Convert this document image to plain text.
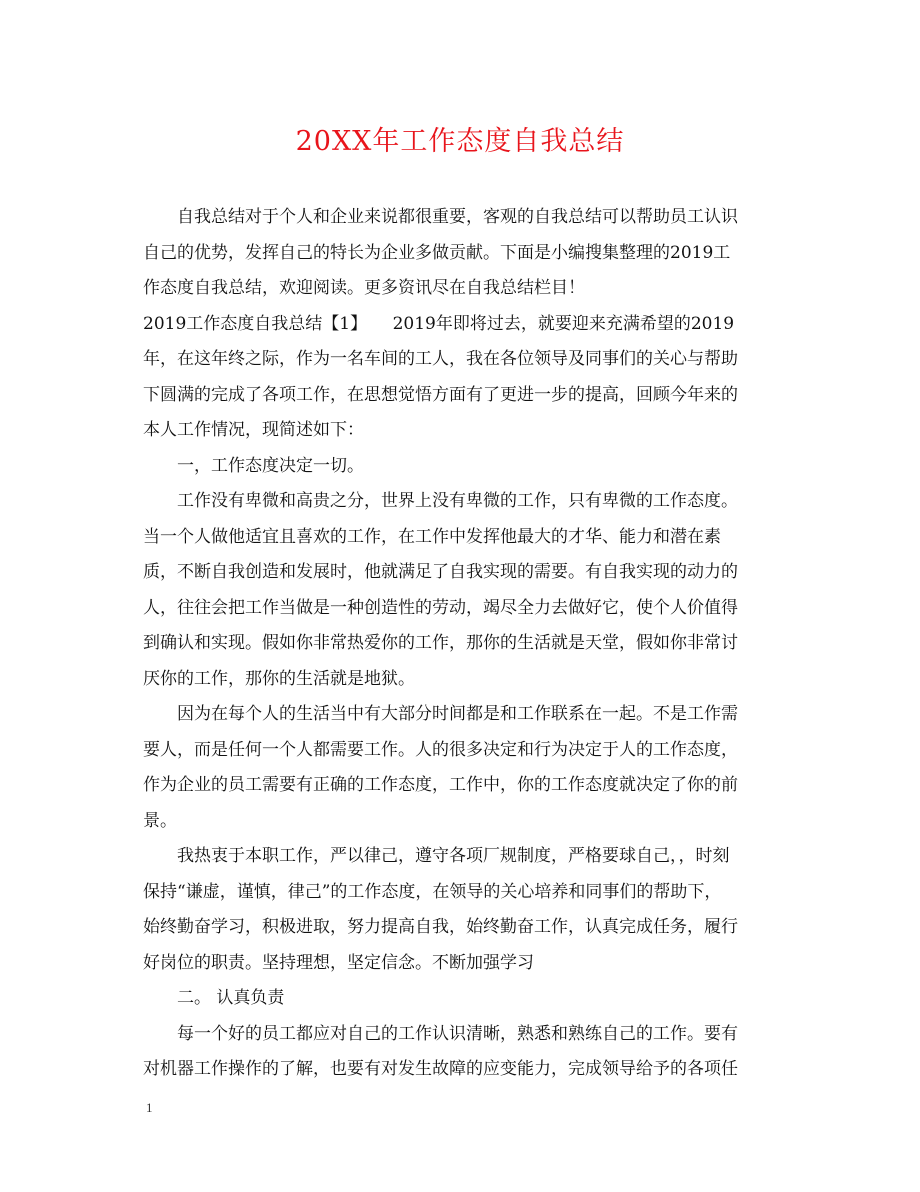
20XX年工作态度自我总结
自我总结对于个人和企业来说都很重要，客观的自我总结可以帮助员工认识
自己的优势，发挥自己的特长为企业多做贡献。下面是小编搜集整理的2019工
作态度自我总结，欢迎阅读。更多资讯尽在自我总结栏目！
2019工作态度自我总结【1】　　2019年即将过去，就要迎来充满希望的2019
年，在这年终之际，作为一名车间的工人，我在各位领导及同事们的关心与帮助
下圆满的完成了各项工作，在思想觉悟方面有了更进一步的提高，回顾今年来的
本人工作情况，现简述如下：
一，工作态度决定一切。
工作没有卑微和高贵之分，世界上没有卑微的工作，只有卑微的工作态度。
当一个人做他适宜且喜欢的工作，在工作中发挥他最大的才华、能力和潜在素
质，不断自我创造和发展时，他就满足了自我实现的需要。有自我实现的动力的
人，往往会把工作当做是一种创造性的劳动，竭尽全力去做好它，使个人价值得
到确认和实现。假如你非常热爱你的工作，那你的生活就是天堂，假如你非常讨
厌你的工作，那你的生活就是地狱。
因为在每个人的生活当中有大部分时间都是和工作联系在一起。不是工作需
要人，而是任何一个人都需要工作。人的很多决定和行为决定于人的工作态度，
作为企业的员工需要有正确的工作态度，工作中，你的工作态度就决定了你的前
景。
我热衷于本职工作，严以律己，遵守各项厂规制度，严格要球自己，，时刻
保持“谦虚，谨慎，律己”的工作态度，在领导的关心培养和同事们的帮助下，
始终勤奋学习，积极进取，努力提高自我，始终勤奋工作，认真完成任务，履行
好岗位的职责。坚持理想，坚定信念。不断加强学习
二。 认真负责
每一个好的员工都应对自己的工作认识清晰，熟悉和熟练自己的工作。要有
对机器工作操作的了解，也要有对发生故障的应变能力，完成领导给予的各项任
1
